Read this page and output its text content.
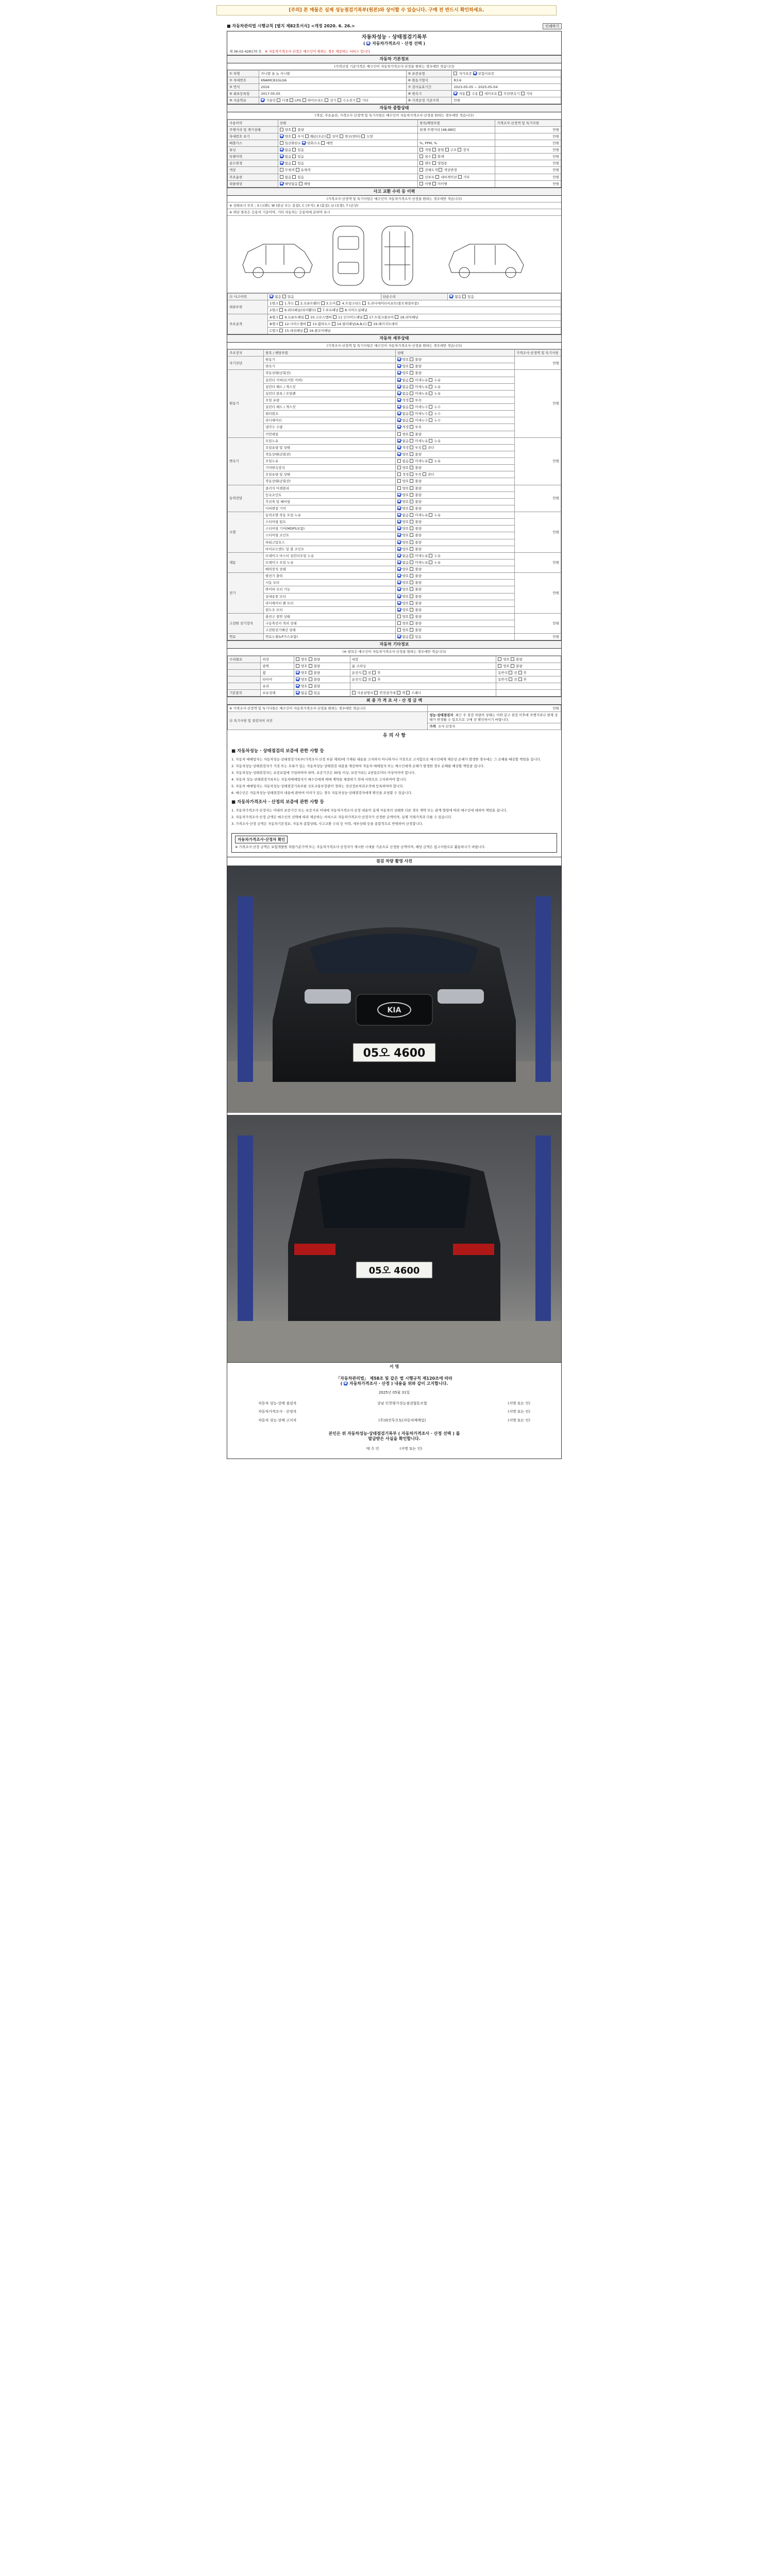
[주의] 본 매물은 실제 성능점검기록부(원본)와 상이할 수 있습니다. 구매 전 반드시 확인하세요.
■ 자동차관리법 시행규칙 [별지 제82호서식] <개정 2020. 6. 26.>	인쇄하기
자동차성능 · 상태점검기록부
(  자동차가격조사 · 산정 선택 )
제 36-02-428170 호 ※ 자동차가격조사·산정은 매수인이 원하는 경우 제공하는 서비스 입니다
자동차 기본정보
(가격산정 기준가격은 매수인이 자동차가격조사·산정을 원하는 경우에만 적습니다)
① 차명	카니발 올 뉴 카니발	⑤ 보증유형	자가보증  보험사보증
② 차대번호	KNAMC81GLG6	⑥ 원동기형식	R3.6
③ 연식	2016	⑦ 검사유효기간	2023-05-05 ~ 2025-05-04
④ 최초등록일	2017-05-05	⑧ 변속기	자동  수동  세미오토  무단변속기  기타
⑨ 사용연료	가솔린  디젤  LPG  하이브리드  전기  수소전기  기타	⑩ 가격산정 기준가격	만원
자동차 종합상태
(색상, 주요옵션, 가격조사 산정액 및 특기사항은 매수인이 자동차가격조사·산정을 원하는 경우에만 적습니다)
사용이력	상태	항목/해당부품	가격조사·산정액 및 특기사항
주행거리 및 계기상태	양호  불량	현재 주행거리 [48,985]	만원
차대번호 표기	양호  부식  훼손(오손)  상이  변조(변타)  도말		만원
배출가스	일산화탄소  탄화수소  매연	%, PPM, %	만원
튜닝	없음  있음	적법  불법  구조  장치	만원
특별이력	없음  있음	침수  화재	만원
용도변경	없음  있음	렌트  영업용	만원
색상	무채색  유채색	전체도색  색상변경	만원
주요옵션	없음  있음	선루프  네비게이션  기타	만원
리콜대상	해당없음  해당	이행  미이행	만원
사고 교환 수리 등 이력
(가격조사·산정액 및 특기사항은 매수인이 자동차가격조사·산정을 원하는 경우에만 적습니다)
※ 상태표시 부호 : X (교환), W (판금 또는 용접), C (부식), A (흠집), U (요철), T (손상)
※ 하단 항목은 승용차 기준이며, 기타 자동차는 승용차에 준하여 표시
⑪ 사고이력	없음  있음	단순수리	없음  있음
외판부위	1랭크  1.후드  2.프론트휀더  3.도어  4.트렁크리드  5.라디에이터서포트(볼트체결부품)		
	2랭크  6.쿼터패널(리어휀더)  7.루프패널  8.사이드실패널		
주요골격	A랭크  9.프론트패널  10.크로스멤버  11.인사이드패널  17.트렁크플로어  18.리어패널		
	B랭크  12.사이드멤버  13.휠하우스  14.필러패널(A,B,C)  19.패키지트레이		
	C랭크  15.대쉬패널  16.플로어패널		
자동차 세부상태
(가격조사·산정액 및 특기사항은 매수인이 자동차가격조사·산정을 원하는 경우에만 적습니다)
주요장치	항목 / 해당부품	상태	가격조사·산정액 및 특기사항
자기진단	원동기	양호  불량	만원
	변속기	양호  불량	
원동기	작동상태(공회전)	양호  불량	만원
	실린더 커버(로커암 커버)	없음  미세누유  누유	
	실린더 헤드 / 개스킷	없음  미세누유  누유	
	실린더 블록 / 오일팬	없음  미세누유  누유	
	오일 유량	적정  부족	
	실린더 헤드 / 개스킷	없음  미세누수  누수	
	워터펌프	없음  미세누수  누수	
	라디에이터	없음  미세누수  누수	
	냉각수 수량	적정  부족	
	커먼레일	양호  불량	
변속기	오일누유	없음  미세누유  누유	만원
	오일유량 및 상태	적정  부족  과다	
	작동상태(공회전)	양호  불량	
	오일누유	없음  미세누유  누유	
	기어변속장치	양호  불량	
	오일유량 및 상태	적정  부족  과다	
	작동상태(공회전)	양호  불량	
동력전달	클러치 어셈블리	양호  불량	만원
	등속조인트	양호  불량	
	추진축 및 베어링	양호  불량	
	디퍼렌셜 기어	양호  불량	
조향	동력조향 작동 오일 누유	없음  미세누유  누유	만원
	스티어링 펌프	양호  불량	
	스티어링 기어(MDPS포함)	양호  불량	
	스티어링 조인트	양호  불량	
	파워고압호스	양호  불량	
	타이로드엔드 및 볼 조인트	양호  불량	
제동	브레이크 마스터 실린더오일 누유	없음  미세누유  누유	만원
	브레이크 오일 누유	없음  미세누유  누유	
	배력장치 상태	양호  불량	
전기	발전기 출력	양호  불량	만원
	시동 모터	양호  불량	
	와이퍼 모터 기능	양호  불량	
	실내송풍 모터	양호  불량	
	라디에이터 팬 모터	양호  불량	
	윈도우 모터	양호  불량	
고전원 전기장치	충전구 절연 상태	양호  불량	만원
	구동축전지 격리 상태	양호  불량	
	고전원전기배선 상태	양호  불량	
연료	연료누출(LP가스포함)	없음  있음	만원
자동차 기타정보
(※ 항목은 매수인이 자동차가격조사·산정을 원하는 경우에만 적습니다)
수리필요	외장	양호  불량	내장	양호  불량
	광택	양호  불량	룸 크리닝	양호  불량
	휠	양호  불량	운전석  전  후	동반석  전  후
	타이어	양호  불량	운전석  전  후	동반석  전  후
	유리	양호  불량		
기본품목	보유상태	없음  있음	사용설명서  안전삼각대  잭  스패너	
최 종 가 격 조 사 · 산 정 금 액
※ 가격조사·산정액 및 특기사항은 매수인이 자동차가격조사·산정을 원하는 경우에만 적습니다	만원
⑫ 특기사항 및 점검자의 의견	성능·상태점검자 최근 주 점검 차량의 상태는 이와 같고 점검 이후에 주행거리나 현재 상태가 변경될 수 있으므로 구매 전 확인하시기 바랍니다.
	가격 조사·산정자
유 의 사 항
■ 자동차성능 · 상태점검의 보증에 관한 사항 등

1. 자동차 매매업자는 자동차성능·상태점검기록부(가격조사·산정 부분 제외)에 기재된 내용을 고지하지 아니하거나 거짓으로 고지함으로 매수인에게 재산상 손해가 발생한 경우에는 그 손해를 배상할 책임을 집니다.

2. 자동차성능·상태점검자가 거짓 또는 오류가 있는 자동차성능·상태점검 내용을 제공하여 자동차 매매업자 또는 매수인에게 손해가 발생한 경우 손해를 배상할 책임을 집니다.

3. 자동차성능·상태점검자는 보증보험에 가입하여야 하며, 보증기간은 30일 이상, 보증거리는 2천킬로미터 이상이어야 합니다.

4. 자동차 성능·상태점검기록부는 자동차매매업자가 매수인에게 매매 계약을 체결하기 전에 서면으로 고지하여야 합니다.

5. 자동차 매매업자는 자동차성능·상태점검기록부를 국토교통부장관이 정하는 전산정보처리조직에 등록하여야 합니다.

6. 매수인은 자동차성능·상태점검의 내용에 관하여 이의가 있는 경우 자동차성능·상태점검자에게 확인을 요청할 수 있습니다.

■ 자동차가격조사 · 산정의 보증에 관한 사항 등

1. 자동차가격조사·산정자는 아래의 보증기간 또는 보증거리 이내에 자동차가격조사·산정 내용이 실제 자동차의 상태와 다른 경우 계약 또는 관계 법령에 따라 매수인에 대하여 책임을 집니다.

2. 자동차가격조사·산정 금액은 매수인의 선택에 따라 제공하는 서비스로 자동차가격조사·산정자가 산정한 금액이며, 실제 거래가격과 다를 수 있습니다.

3. 가격조사·산정 금액은 자동차기본정보, 자동차 종합상태, 사고교환 수리 등 이력, 세부상태 등을 종합적으로 반영하여 산정합니다.

자동차가격조사·산정자 확인
※ 가격조사·산정 금액은 보험개발원 차량기준가액 또는 자동차가격조사·산정자가 제시한 시세를 기준으로 산정한 금액이며, 해당 금액은 참고사항으로 활용하시기 바랍니다.
점검 차량 촬영 사진
KIA
05오 4600
05오 4600
서 명
「자동차관리법」 제58조 및 같은 법 시행규칙 제120조에 따라
(  자동차가격조사 · 산정 ) 내용을 위와 같이 고지합니다.
2025년 05월 31일
자동차 성능·상태 점검자	강남 인천평가성능점검협동조합	(서명 또는 인)
자동차가격조사 · 산정자	(서명 또는 인)
자동차 성능·상태 고지자	(주)와인투오토(자동차매매업)	(서명 또는 인)
본인은 위 자동차성능·상태점검기록부 ( 자동차가격조사 · 산정 선택 ) 를
발급받은 사실을 확인합니다.
매 수 인	(서명 또는 인)
